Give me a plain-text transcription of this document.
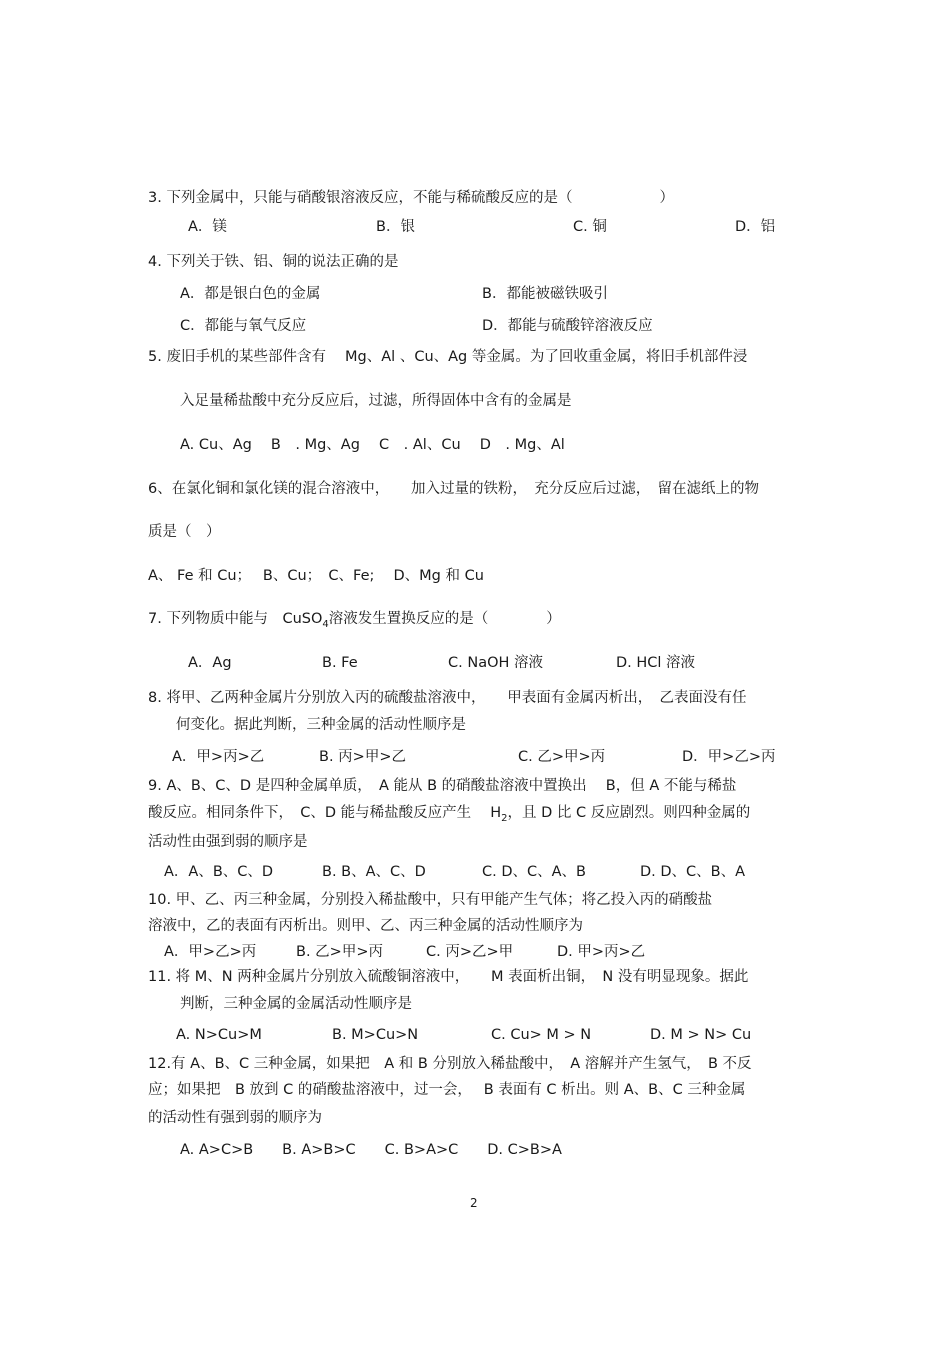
3. 下列金属中，只能与硝酸银溶液反应，不能与稀硫酸反应的是（　　　　　　）
A．镁	B．银	C. 铜	D．铝
4. 下列关于铁、铝、铜的说法正确的是
A．都是银白色的金属	B．都能被磁铁吸引
C．都能与氧气反应	D．都能与硫酸锌溶液反应
5. 废旧手机的某些部件含有　 Mg、Al 、Cu、Ag 等金属。为了回收重金属，将旧手机部件浸
入足量稀盐酸中充分反应后，过滤，所得固体中含有的金属是
A. Cu、Ag　 B　. Mg、Ag　 C　. Al、Cu　 D　. Mg、Al
6、在氯化铜和氯化镁的混合溶液中，　　加入过量的铁粉，　充分反应后过滤，　留在滤纸上的物
质是（　）
A、 Fe 和 Cu；　 B、Cu；　C、Fe;　 D、Mg 和 Cu
7. 下列物质中能与　CuSO$_4$溶液发生置换反应的是（　　　　）
A．Ag	B. Fe	C. NaOH 溶液	D. HCl 溶液
8. 将甲、乙两种金属片分别放入丙的硫酸盐溶液中，　　甲表面有金属丙析出，　乙表面没有任
何变化。据此判断，三种金属的活动性顺序是
A．甲>丙>乙	B. 丙>甲>乙	C. 乙>甲>丙	D．甲>乙>丙
9. A、B、C、D 是四种金属单质，　A 能从 B 的硝酸盐溶液中置换出　 B，但 A 不能与稀盐
酸反应。相同条件下，　C、D 能与稀盐酸反应产生　 $H_2$，且 D 比 C 反应剧烈。则四种金属的
活动性由强到弱的顺序是
A．A、B、C、D	B. B、A、C、D	C. D、C、A、B	D. D、C、B、A
10. 甲、乙、丙三种金属，分别投入稀盐酸中，只有甲能产生气体；将乙投入丙的硝酸盐
溶液中，乙的表面有丙析出。则甲、乙、丙三种金属的活动性顺序为
A．甲>乙>丙	B. 乙>甲>丙	C. 丙>乙>甲	D. 甲>丙>乙
11. 将 M、N 两种金属片分别放入硫酸铜溶液中，　　M 表面析出铜，　N 没有明显现象。据此
判断，三种金属的金属活动性顺序是
A. N>Cu>M	B. M>Cu>N	C. Cu> M > N	D. M > N> Cu
12.有 A、B、C 三种金属，如果把　A 和 B 分别放入稀盐酸中，　A 溶解并产生氢气，　B 不反
应；如果把　B 放到 C 的硝酸盐溶液中，过一会，　 B 表面有 C 析出。则 A、B、C 三种金属
的活动性有强到弱的顺序为
A. A>C>B　　B. A>B>C　　C. B>A>C　　D. C>B>A
2
